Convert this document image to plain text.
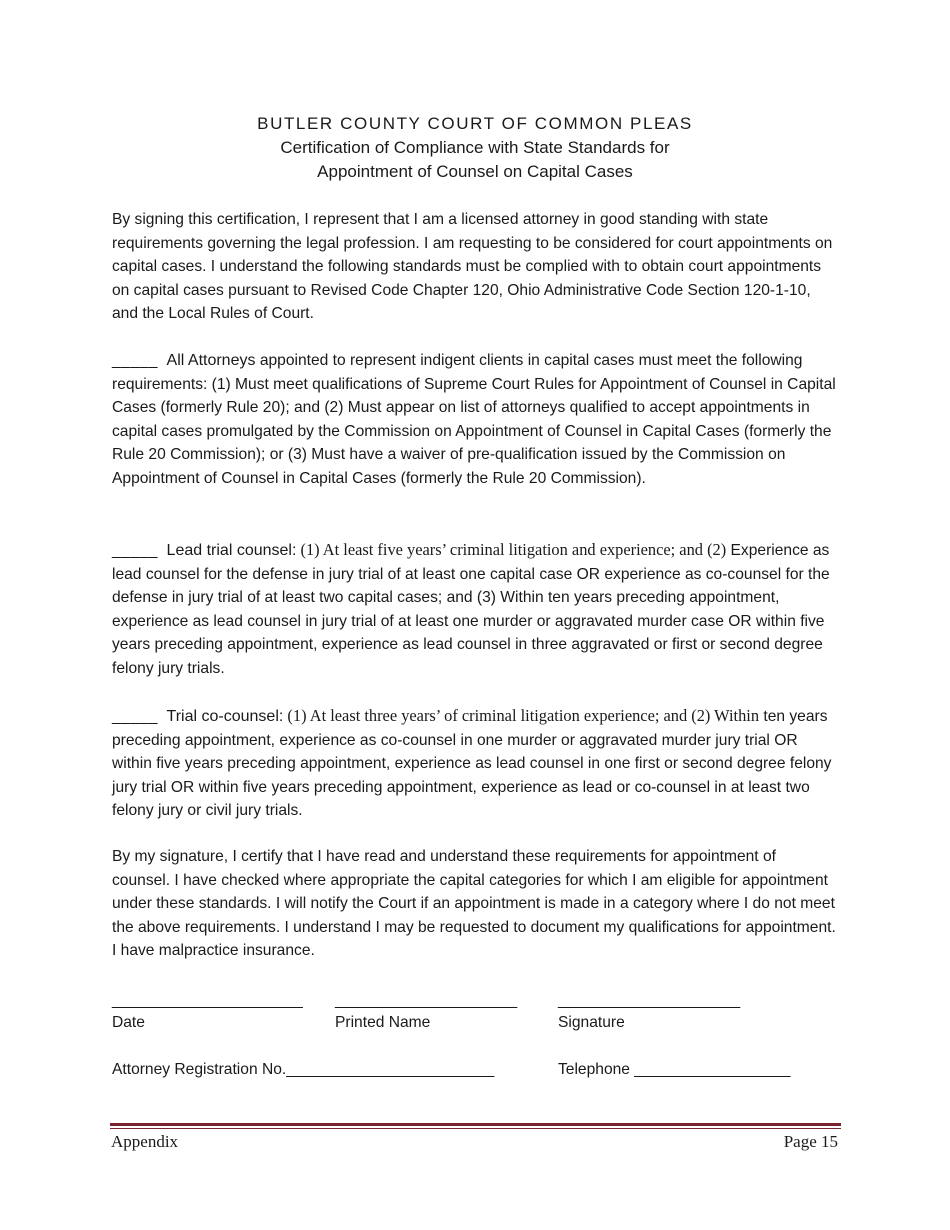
BUTLER COUNTY COURT OF COMMON PLEAS
Certification of Compliance with State Standards for
Appointment of Counsel on Capital Cases
By signing this certification, I represent that I am a licensed attorney in good standing with state requirements governing the legal profession. I am requesting to be considered for court appointments on capital cases. I understand the following standards must be complied with to obtain court appointments on capital cases pursuant to Revised Code Chapter 120, Ohio Administrative Code Section 120-1-10, and the Local Rules of Court.
_____ All Attorneys appointed to represent indigent clients in capital cases must meet the following requirements: (1) Must meet qualifications of Supreme Court Rules for Appointment of Counsel in Capital Cases (formerly Rule 20); and (2) Must appear on list of attorneys qualified to accept appointments in capital cases promulgated by the Commission on Appointment of Counsel in Capital Cases (formerly the Rule 20 Commission); or (3) Must have a waiver of pre-qualification issued by the Commission on Appointment of Counsel in Capital Cases (formerly the Rule 20 Commission).
_____ Lead trial counsel: (1) At least five years’ criminal litigation and experience; and (2) Experience as lead counsel for the defense in jury trial of at least one capital case OR experience as co-counsel for the defense in jury trial of at least two capital cases; and (3) Within ten years preceding appointment, experience as lead counsel in jury trial of at least one murder or aggravated murder case OR within five years preceding appointment, experience as lead counsel in three aggravated or first or second degree felony jury trials.
_____ Trial co-counsel: (1) At least three years’ of criminal litigation experience; and (2) Within ten years preceding appointment, experience as co-counsel in one murder or aggravated murder jury trial OR within five years preceding appointment, experience as lead counsel in one first or second degree felony jury trial OR within five years preceding appointment, experience as lead or co-counsel in at least two felony jury or civil jury trials.
By my signature, I certify that I have read and understand these requirements for appointment of counsel. I have checked where appropriate the capital categories for which I am eligible for appointment under these standards. I will notify the Court if an appointment is made in a category where I do not meet the above requirements. I understand I may be requested to document my qualifications for appointment. I have malpractice insurance.
______________________
Date
_____________________
Printed Name
_____________________
Signature
Attorney Registration No.________________________	Telephone __________________
Appendix	Page 15
